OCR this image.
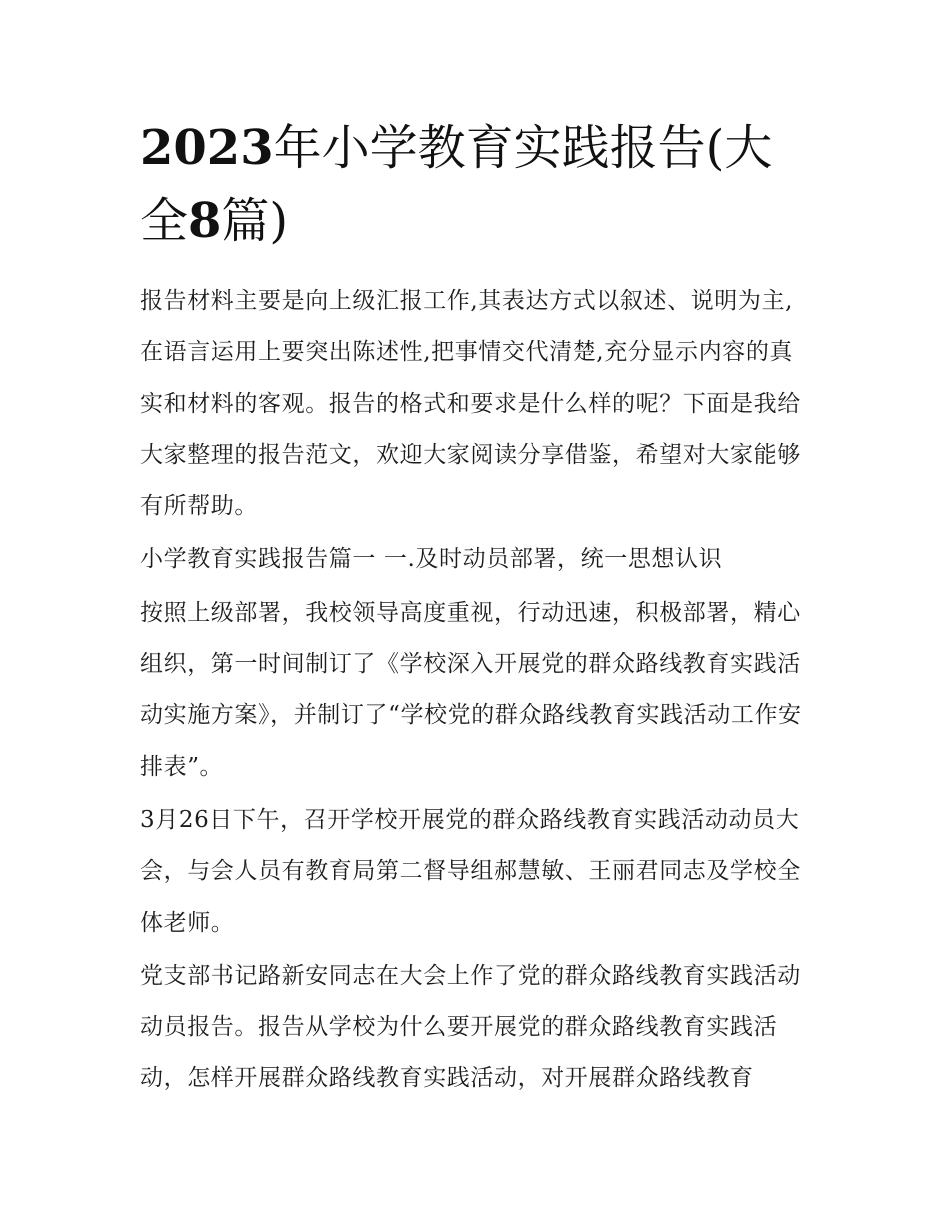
2023年小学教育实践报告(大全8篇)

报告材料主要是向上级汇报工作,其表达方式以叙述、说明为主,在语言运用上要突出陈述性,把事情交代清楚,充分显示内容的真实和材料的客观。报告的格式和要求是什么样的呢？下面是我给大家整理的报告范文，欢迎大家阅读分享借鉴，希望对大家能够有所帮助。

小学教育实践报告篇一 一.及时动员部署，统一思想认识

按照上级部署，我校领导高度重视，行动迅速，积极部署，精心组织，第一时间制订了《学校深入开展党的群众路线教育实践活动实施方案》，并制订了“学校党的群众路线教育实践活动工作安排表”。

3月26日下午，召开学校开展党的群众路线教育实践活动动员大会，与会人员有教育局第二督导组郝慧敏、王丽君同志及学校全体老师。

党支部书记路新安同志在大会上作了党的群众路线教育实践活动动员报告。报告从学校为什么要开展党的群众路线教育实践活动，怎样开展群众路线教育实践活动，对开展群众路线教育
